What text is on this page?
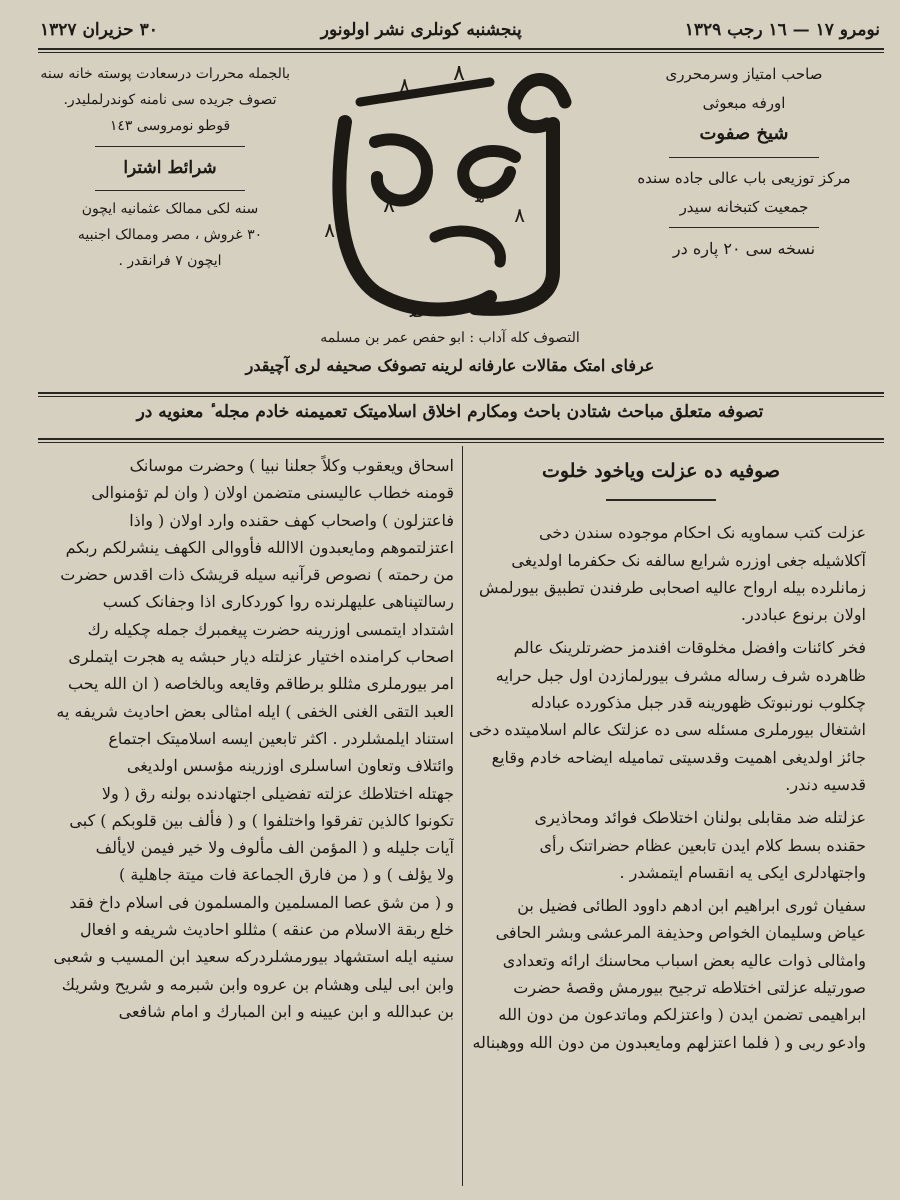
نومرو ١٧ — ١٦ رجب ١٣٢٩
پنجشنبه کونلری نشر اولونور
٣٠ حزیران ١٣٢٧
صاحب امتیاز وسرمحرری
اورفه مبعوثی
شیخ صفوت
مرکز توزیعی باب عالی جاده سنده
جمعیت کتبخانه سیدر
نسخه سی ٢٠ پاره در
بالجمله محررات درسعادت پوسته خانه سنه
تصوف جریده سی نامنه کوندرلملیدر.
قوطو نومروسی ١٤٣
شرائط اشترا
سنه لکی ممالک عثمانیه ایچون
٣٠ غروش ، مصر وممالک اجنبیه
ایچون ٧ فرانقدر .
٨
٨
٨
٨
٨
ﻫ
ﺻ
التصوف کله آداب : ابو حفص عمر بن مسلمه
عرفای امتک مقالات عارفانه لرینه تصوفک صحیفه لری آچیقدر
تصوفه متعلق مباحث شتادن باحث ومکارم اخلاق اسلامیتک تعمیمنه خادم مجله ٔ معنویه در
صوفیه ده عزلت ویاخود خلوت

عزلت کتب سماویه نک احکام موجوده سندن دخی
آکلاشیله جغی اوزره شرایع سالفه نک حکفرما اولدیغی
زمانلرده بیله ارواح عالیه اصحابی طرفندن تطبیق بیورلمش
اولان برنوع عباددر.

فخر کائنات وافضل مخلوقات افندمز حضرتلرینک عالم
ظاهرده شرف رساله مشرف بیورلمازدن اول جبل حرایه
چکلوب نورنبوتک ظهورینه قدر جبل مذکورده عبادله
اشتغال بیورملری مسئله سی ده عزلتک عالم اسلامیتده دخی
جائز اولدیغی اهمیت وقدسیتی تماميله ایضاحه خادم وقایع
قدسیه دندر.

عزلتله ضد مقابلی بولنان اختلاطک فوائد ومحاذیری
حقنده بسط کلام ایدن تابعین عظام حضراتنک رأی
واجتهادلری ایکی یه انقسام ایتمشدر .

سفیان ثوری ابراهیم ابن ادهم داوود الطائی فضیل بن
عیاض وسلیمان الخواص وحذیفة المرعشی وبشر الحافی
وامثالی ذوات عالیه بعض اسباب محاسنك ارائه وتعدادی
صورتیله عزلتی اختلاطه ترجیح بیورمش وقصهٔ حضرت
ابراهیمی تضمن ایدن ( واعتزلکم وماتدعون من دون الله
وادعو ربی و ( فلما اعتزلهم ومایعبدون من دون الله ووهبناله

اسحاق ویعقوب وکلاً جعلنا نبیا ) وحضرت موسانک
قومنه خطاب عالیسنی متضمن اولان ( وان لم تؤمنوالی
فاعتزلون ) واصحاب کهف حقنده وارد اولان ( واذا
اعتزلتموهم ومایعبدون الاالله فأووالی الکهف ینشرلکم ربکم
من رحمته ) نصوص قرآنیه سیله قریشک ذات اقدس حضرت
رسالتپناهی علیهلرنده روا کوردکاری اذا وجفانک کسب
اشتداد ایتمسی اوزرینه حضرت پیغمبرك جمله چکیله رك
اصحاب کرامنده اختیار عزلتله دیار حبشه یه هجرت ایتملری
امر بیورملری مثللو برطاقم وقایعه وبالخاصه ( ان الله یحب
العبد التقی الغنی الخفی ) ایله امثالی بعض احادیث شریفه یه
استناد ایلمشلردر . اکثر تابعین ایسه اسلامیتک اجتماع
وائتلاف وتعاون اساسلری اوزرینه مؤسس اولدیغی
جهتله اختلاطك عزلته تفضیلی اجتهادنده بولنه رق ( ولا
تکونوا کالذین تفرقوا واختلفوا ) و ( فألف بین قلوبکم ) کبی
آیات جلیله و ( المؤمن الف مألوف ولا خیر فیمن لایألف
ولا یؤلف ) و ( من فارق الجماعة فات میتة جاهلیة )
و ( من شق عصا المسلمین والمسلمون فی اسلام داخ فقد
خلع ربقة الاسلام من عنقه ) مثللو احادیث شریفه و افعال
سنیه ایله استشهاد بیورمشلردرکه سعید ابن المسیب و شعبی
وابن ابی لیلی وهشام بن عروه وابن شبرمه و شریح وشریك
بن عبدالله و ابن عیینه و ابن المبارك و امام شافعی
